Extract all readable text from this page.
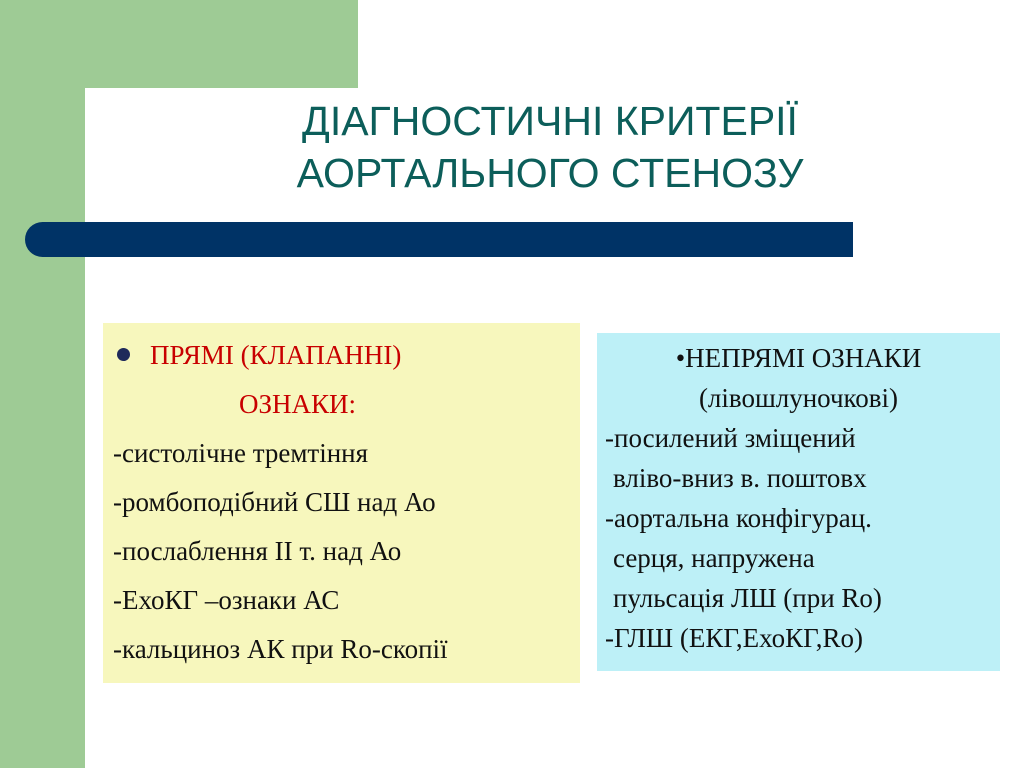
ДІАГНОСТИЧНІ КРИТЕРІЇ
АОРТАЛЬНОГО СТЕНОЗУ
ПРЯМІ (КЛАПАННІ)
ОЗНАКИ:
-систолічне тремтіння
-ромбоподібний СШ над Ао
-послаблення ІІ т. над Ао
-ЕхоКГ –ознаки АС
-кальциноз АК при Ro-скопії
•НЕПРЯМІ ОЗНАКИ
(лівошлуночкові)
-посилений зміщений
вліво-вниз в. поштовх
-аортальна конфігурац.
серця, напружена
пульсація ЛШ (при Ro)
-ГЛШ (ЕКГ,ЕхоКГ,Ro)
